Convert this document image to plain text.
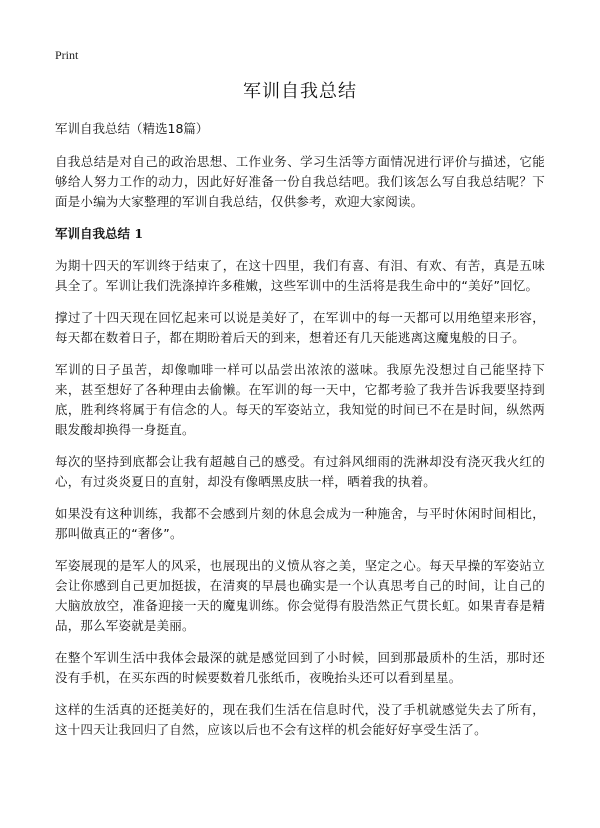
Print
军训自我总结
军训自我总结（精选18篇）

自我总结是对自己的政治思想、工作业务、学习生活等方面情况进行评价与描述，它能够给人努力工作的动力，因此好好准备一份自我总结吧。我们该怎么写自我总结呢？下面是小编为大家整理的军训自我总结，仅供参考，欢迎大家阅读。

军训自我总结 1

为期十四天的军训终于结束了，在这十四里，我们有喜、有泪、有欢、有苦，真是五味具全了。军训让我们洗涤掉许多稚嫩，这些军训中的生活将是我生命中的“美好”回忆。

撑过了十四天现在回忆起来可以说是美好了，在军训中的每一天都可以用绝望来形容，每天都在数着日子，都在期盼着后天的到来，想着还有几天能逃离这魔鬼般的日子。

军训的日子虽苦，却像咖啡一样可以品尝出浓浓的滋味。我原先没想过自己能坚持下来，甚至想好了各种理由去偷懒。在军训的每一天中，它都考验了我并告诉我要坚持到底，胜利终将属于有信念的人。每天的军姿站立，我知觉的时间已不在是时间，纵然两眼发酸却换得一身挺直。

每次的坚持到底都会让我有超越自己的感受。有过斜风细雨的洗淋却没有浇灭我火红的心，有过炎炎夏日的直射，却没有像晒黑皮肤一样，晒着我的执着。

如果没有这种训练，我都不会感到片刻的休息会成为一种施舍，与平时休闲时间相比，那叫做真正的“奢侈”。

军姿展现的是军人的风采，也展现出的义愤从容之美，坚定之心。每天早操的军姿站立会让你感到自己更加挺拔，在清爽的早晨也确实是一个认真思考自己的时间，让自己的大脑放放空，准备迎接一天的魔鬼训练。你会觉得有股浩然正气贯长虹。如果青春是精品，那么军姿就是美丽。

在整个军训生活中我体会最深的就是感觉回到了小时候，回到那最质朴的生活，那时还没有手机，在买东西的时候要数着几张纸币，夜晚抬头还可以看到星星。

这样的生活真的还挺美好的，现在我们生活在信息时代，没了手机就感觉失去了所有，这十四天让我回归了自然，应该以后也不会有这样的机会能好好享受生活了。
